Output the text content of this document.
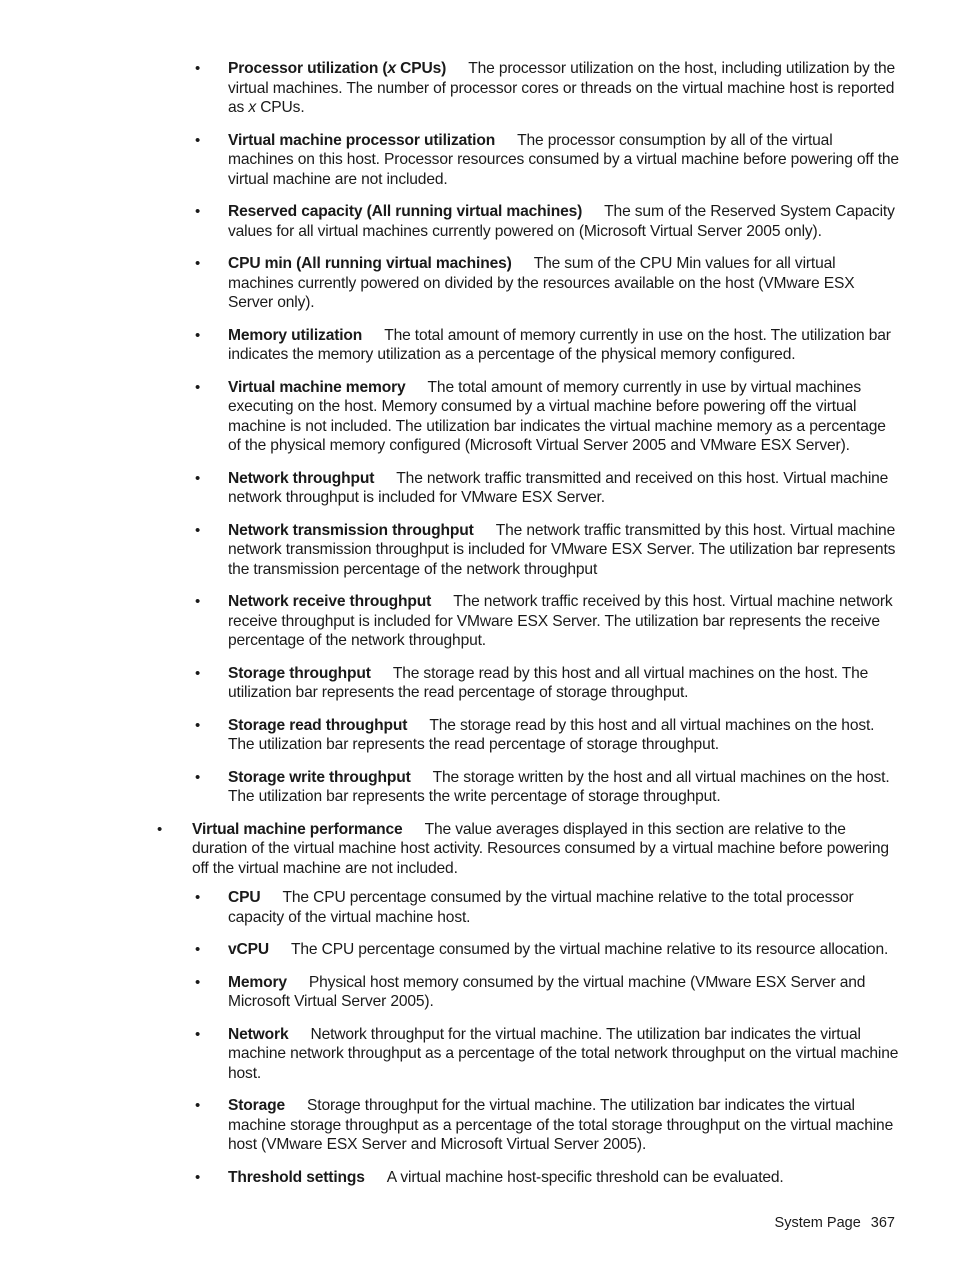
• Processor utilization (x CPUs) The processor utilization on the host, including utilization by the virtual machines. The number of processor cores or threads on the virtual machine host is reported as x CPUs.
• Virtual machine processor utilization The processor consumption by all of the virtual machines on this host. Processor resources consumed by a virtual machine before powering off the virtual machine are not included.
• Reserved capacity (All running virtual machines) The sum of the Reserved System Capacity values for all virtual machines currently powered on (Microsoft Virtual Server 2005 only).
• CPU min (All running virtual machines) The sum of the CPU Min values for all virtual machines currently powered on divided by the resources available on the host (VMware ESX Server only).
• Memory utilization The total amount of memory currently in use on the host. The utilization bar indicates the memory utilization as a percentage of the physical memory configured.
• Virtual machine memory The total amount of memory currently in use by virtual machines executing on the host. Memory consumed by a virtual machine before powering off the virtual machine is not included. The utilization bar indicates the virtual machine memory as a percentage of the physical memory configured (Microsoft Virtual Server 2005 and VMware ESX Server).
• Network throughput The network traffic transmitted and received on this host. Virtual machine network throughput is included for VMware ESX Server.
• Network transmission throughput The network traffic transmitted by this host. Virtual machine network transmission throughput is included for VMware ESX Server. The utilization bar represents the transmission percentage of the network throughput
• Network receive throughput The network traffic received by this host. Virtual machine network receive throughput is included for VMware ESX Server. The utilization bar represents the receive percentage of the network throughput.
• Storage throughput The storage read by this host and all virtual machines on the host. The utilization bar represents the read percentage of storage throughput.
• Storage read throughput The storage read by this host and all virtual machines on the host. The utilization bar represents the read percentage of storage throughput.
• Storage write throughput The storage written by the host and all virtual machines on the host. The utilization bar represents the write percentage of storage throughput.
• Virtual machine performance The value averages displayed in this section are relative to the duration of the virtual machine host activity. Resources consumed by a virtual machine before powering off the virtual machine are not included.
• CPU The CPU percentage consumed by the virtual machine relative to the total processor capacity of the virtual machine host.
• vCPU The CPU percentage consumed by the virtual machine relative to its resource allocation.
• Memory Physical host memory consumed by the virtual machine (VMware ESX Server and Microsoft Virtual Server 2005).
• Network Network throughput for the virtual machine. The utilization bar indicates the virtual machine network throughput as a percentage of the total network throughput on the virtual machine host.
• Storage Storage throughput for the virtual machine. The utilization bar indicates the virtual machine storage throughput as a percentage of the total storage throughput on the virtual machine host (VMware ESX Server and Microsoft Virtual Server 2005).
• Threshold settings A virtual machine host-specific threshold can be evaluated.
System Page 367
